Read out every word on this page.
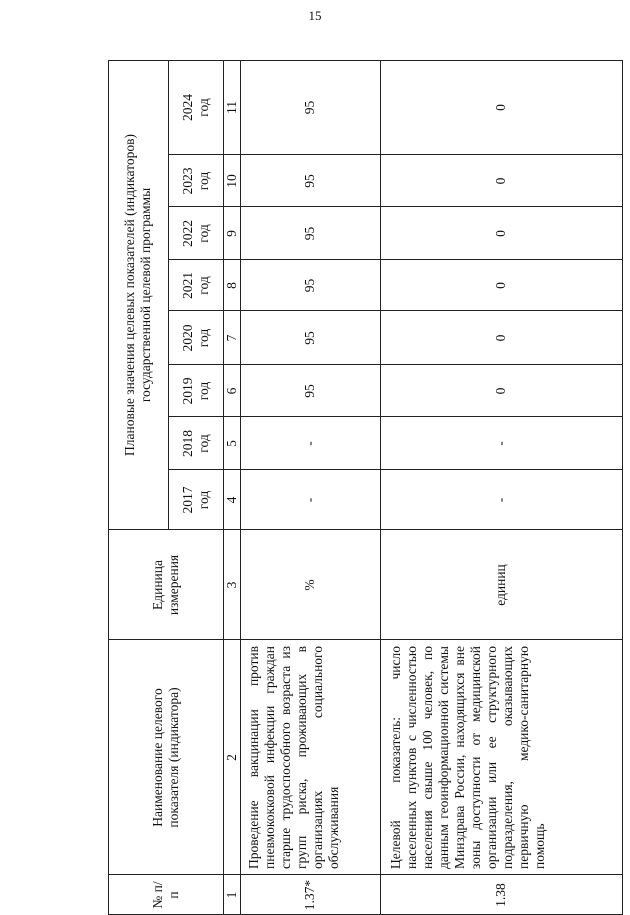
15
№ п/п
Наименование целевого показателя (индикатора)
Единица измерения
Плановые значения целевых показателей (индикаторов) государственной целевой программы
2017 год
2018 год
2019 год
2020 год
2021 год
2022 год
2023 год
2024 год
1
2
3
4
5
6
7
8
9
10
11
1.37*
Проведение вакцинации против пневмококковой инфекции граждан старше трудоспособного возраста из групп риска, проживающих в организациях социального обслуживания
%
-
-
95
95
95
95
95
95
1.38
Целевой показатель: число населенных пунктов с численностью населения свыше 100 человек, по данным геоинформационной системы Минздрава России, находящихся вне зоны доступности от медицинской организации или ее структурного подразделения, оказывающих первичную медико-санитарную помощь
единиц
-
-
0
0
0
0
0
0
